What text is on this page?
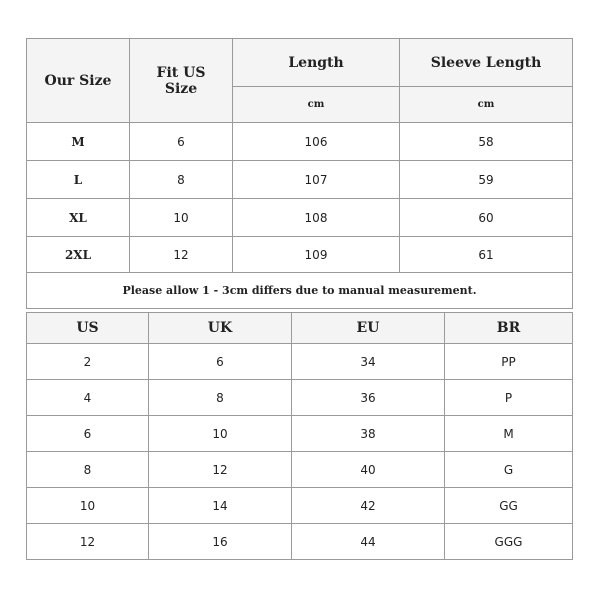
Our Size	Fit US Size	Length	Sleeve Length
		cm	cm
M	6	106	58
L	8	107	59
XL	10	108	60
2XL	12	109	61
Please allow 1 - 3cm differs due to manual measurement.			
US	UK	EU	BR
2	6	34	PP
4	8	36	P
6	10	38	M
8	12	40	G
10	14	42	GG
12	16	44	GGG
